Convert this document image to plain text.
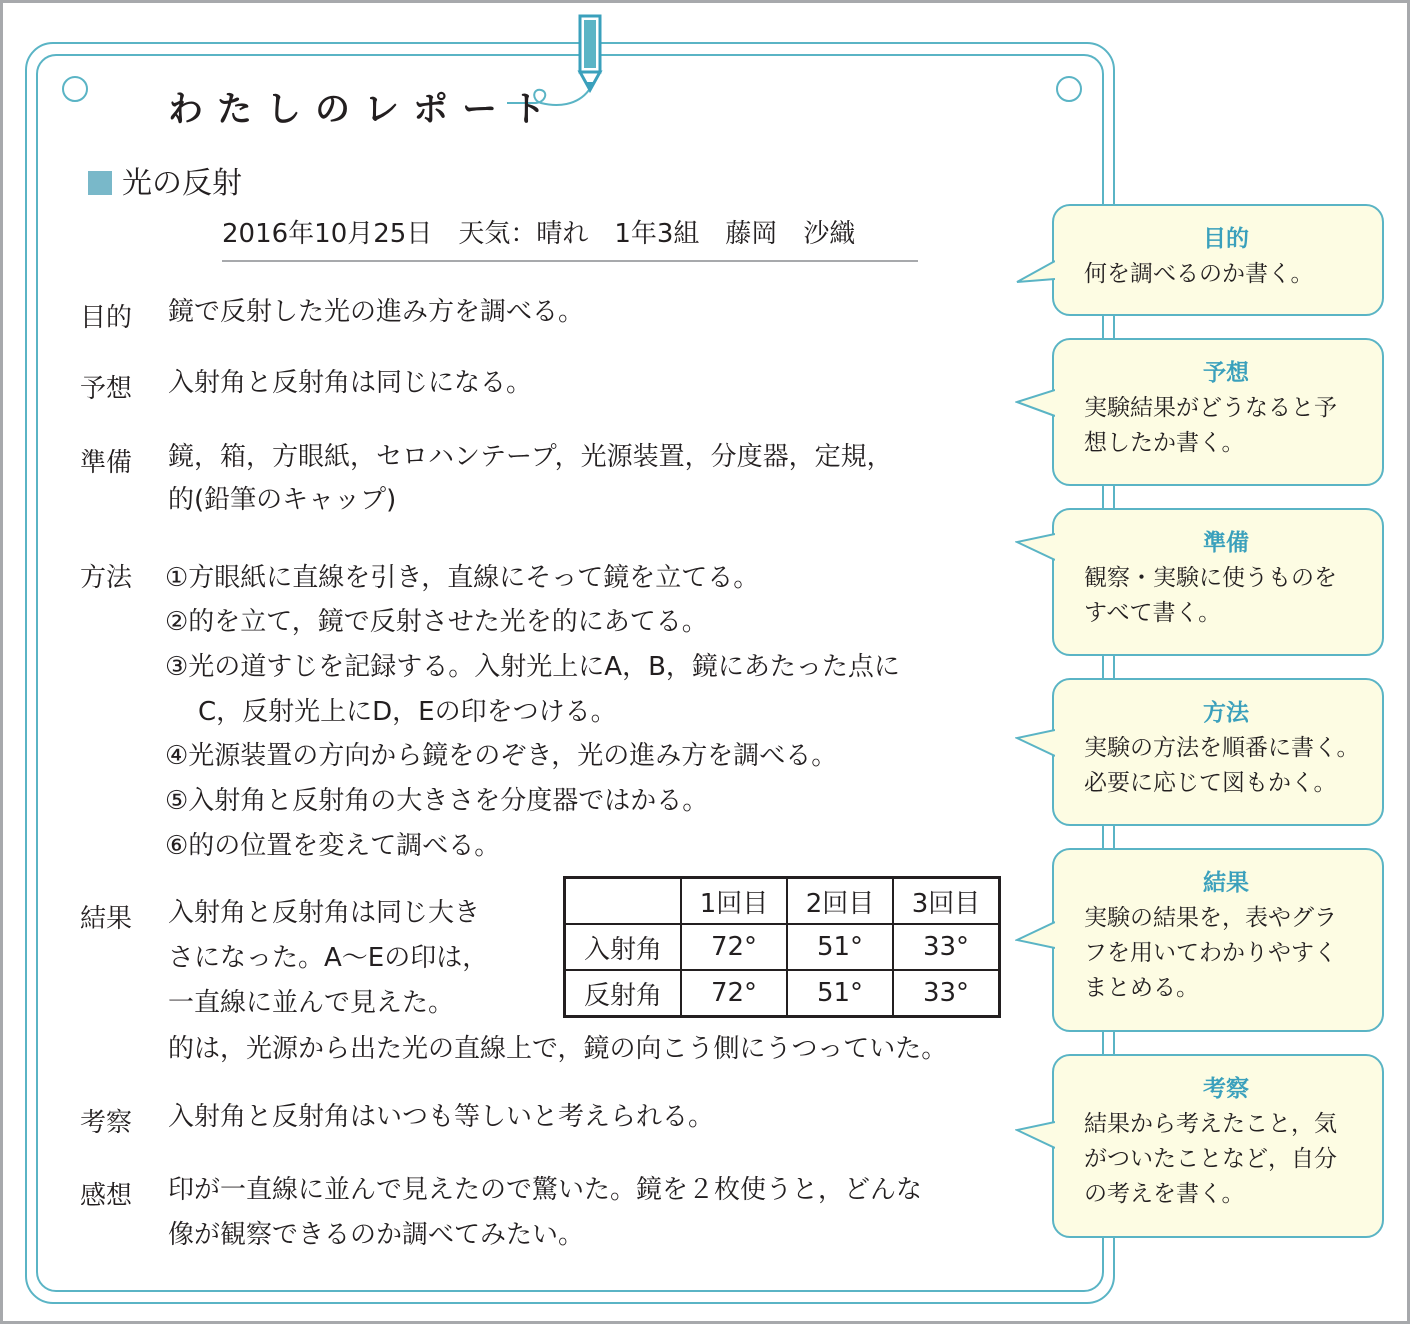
わたしのレポート
光の反射
2016年10月25日　天気：晴れ　1年3組　藤岡　沙織
目的 鏡で反射した光の進み方を調べる。
予想 入射角と反射角は同じになる。
準備 鏡，箱，方眼紙，セロハンテープ，光源装置，分度器，定規，
的(鉛筆のキャップ)
方法 ①方眼紙に直線を引き，直線にそって鏡を立てる。
②的を立て，鏡で反射させた光を的にあてる。
③光の道すじを記録する。入射光上にA，B，鏡にあたった点に
C，反射光上にD，Eの印をつける。
④光源装置の方向から鏡をのぞき，光の進み方を調べる。
⑤入射角と反射角の大きさを分度器ではかる。
⑥的の位置を変えて調べる。
結果 入射角と反射角は同じ大き
さになった。A～Eの印は，
一直線に並んで見えた。
的は，光源から出た光の直線上で，鏡の向こう側にうつっていた。
	1回目	2回目	3回目
入射角	72°	51°	33°
反射角	72°	51°	33°
考察 入射角と反射角はいつも等しいと考えられる。
感想 印が一直線に並んで見えたので驚いた。鏡を２枚使うと，どんな
像が観察できるのか調べてみたい。
目的
何を調べるのか書く。
予想
実験結果がどうなると予
想したか書く。
準備
観察・実験に使うものを
すべて書く。
方法
実験の方法を順番に書く。
必要に応じて図もかく。
結果
実験の結果を，表やグラ
フを用いてわかりやすく
まとめる。
考察
結果から考えたこと，気
がついたことなど，自分
の考えを書く。
